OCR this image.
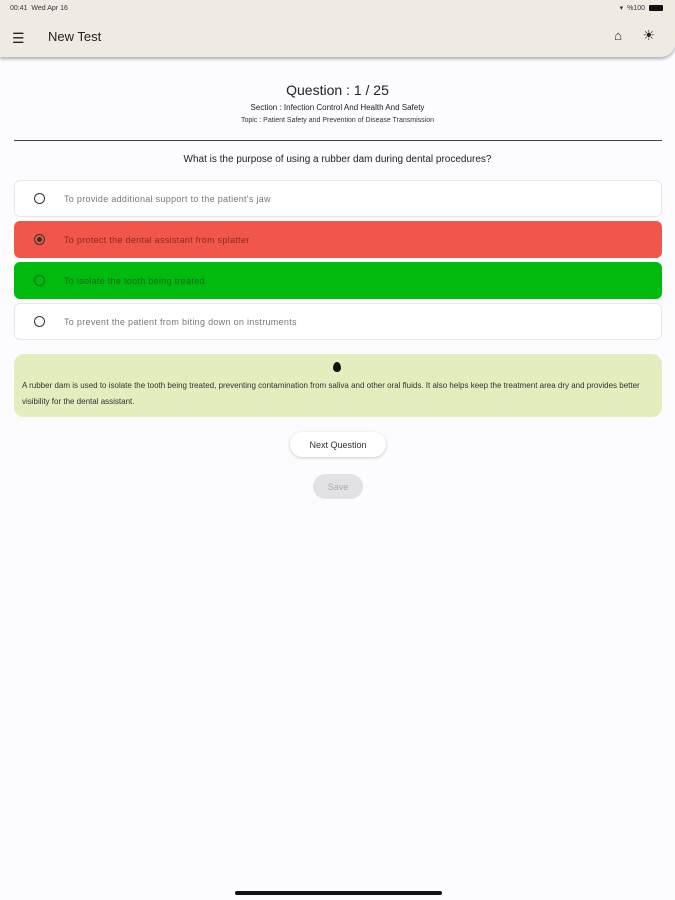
00:41 Wed Apr 16	▾ %100
☰ New Test	⌂ ☀
Question : 1 / 25
Section : Infection Control And Health And Safety
Topic : Patient Safety and Prevention of Disease Transmission
What is the purpose of using a rubber dam during dental procedures?
To provide additional support to the patient's jaw
To protect the dental assistant from splatter
To isolate the tooth being treated
To prevent the patient from biting down on instruments
A rubber dam is used to isolate the tooth being treated, preventing contamination from saliva and other oral fluids. It also helps keep the treatment area dry and provides better visibility for the dental assistant.
Next Question
Save
